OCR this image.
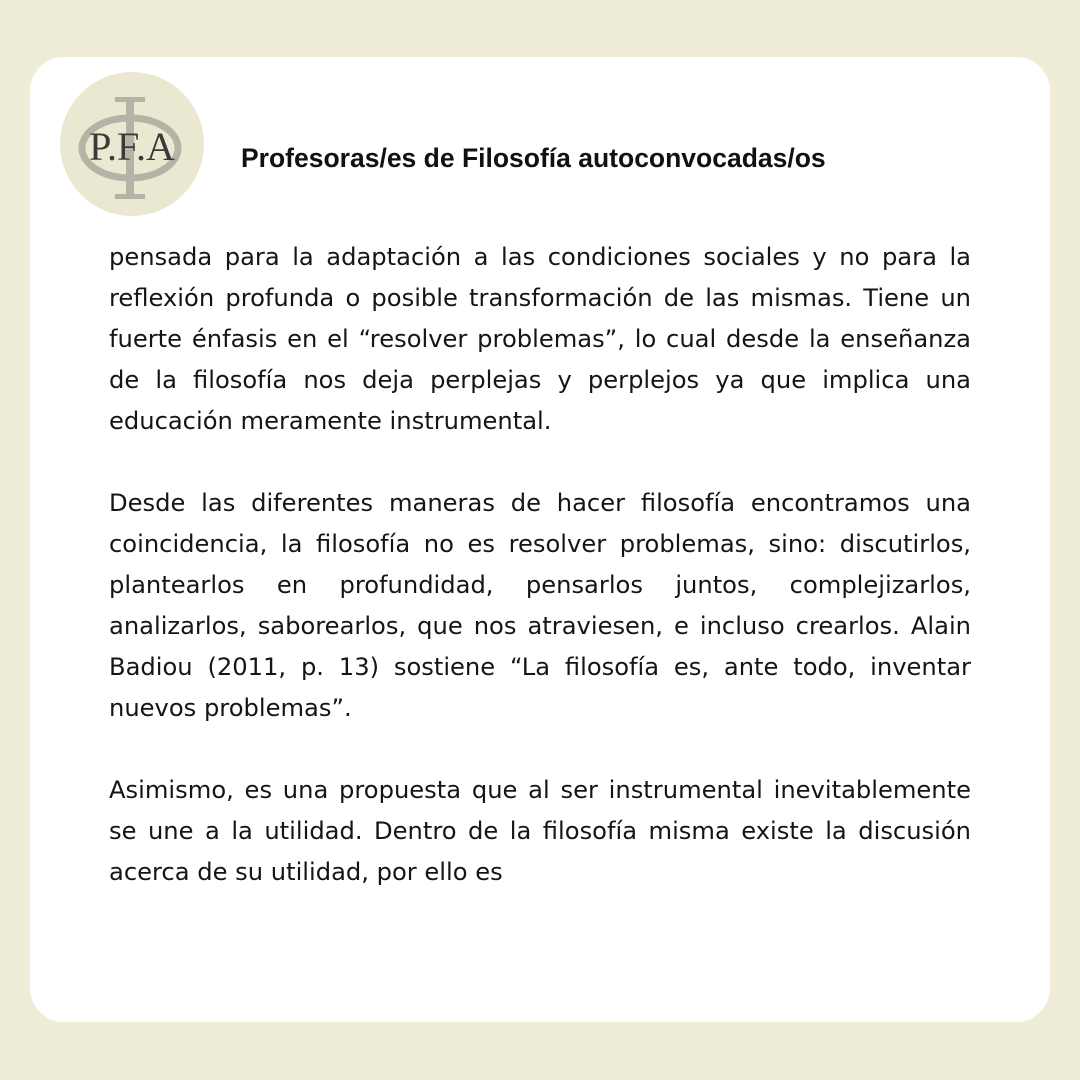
P.F.A Profesoras/es de Filosofía autoconvocadas/os

pensada para la adaptación a las condiciones sociales y no para la reflexión profunda o posible transformación de las mismas. Tiene un fuerte énfasis en el “resolver problemas”, lo cual desde la enseñanza de la filosofía nos deja perplejas y perplejos ya que implica una educación meramente instrumental.

Desde las diferentes maneras de hacer filosofía encontramos una coincidencia, la filosofía no es resolver problemas, sino: discutirlos, plantearlos en profundidad, pensarlos juntos, complejizarlos, analizarlos, saborearlos, que nos atraviesen, e incluso crearlos. Alain Badiou (2011, p. 13) sostiene “La filosofía es, ante todo, inventar nuevos problemas”.

Asimismo, es una propuesta que al ser instrumental inevitablemente se une a la utilidad. Dentro de la filosofía misma existe la discusión acerca de su utilidad, por ello es
